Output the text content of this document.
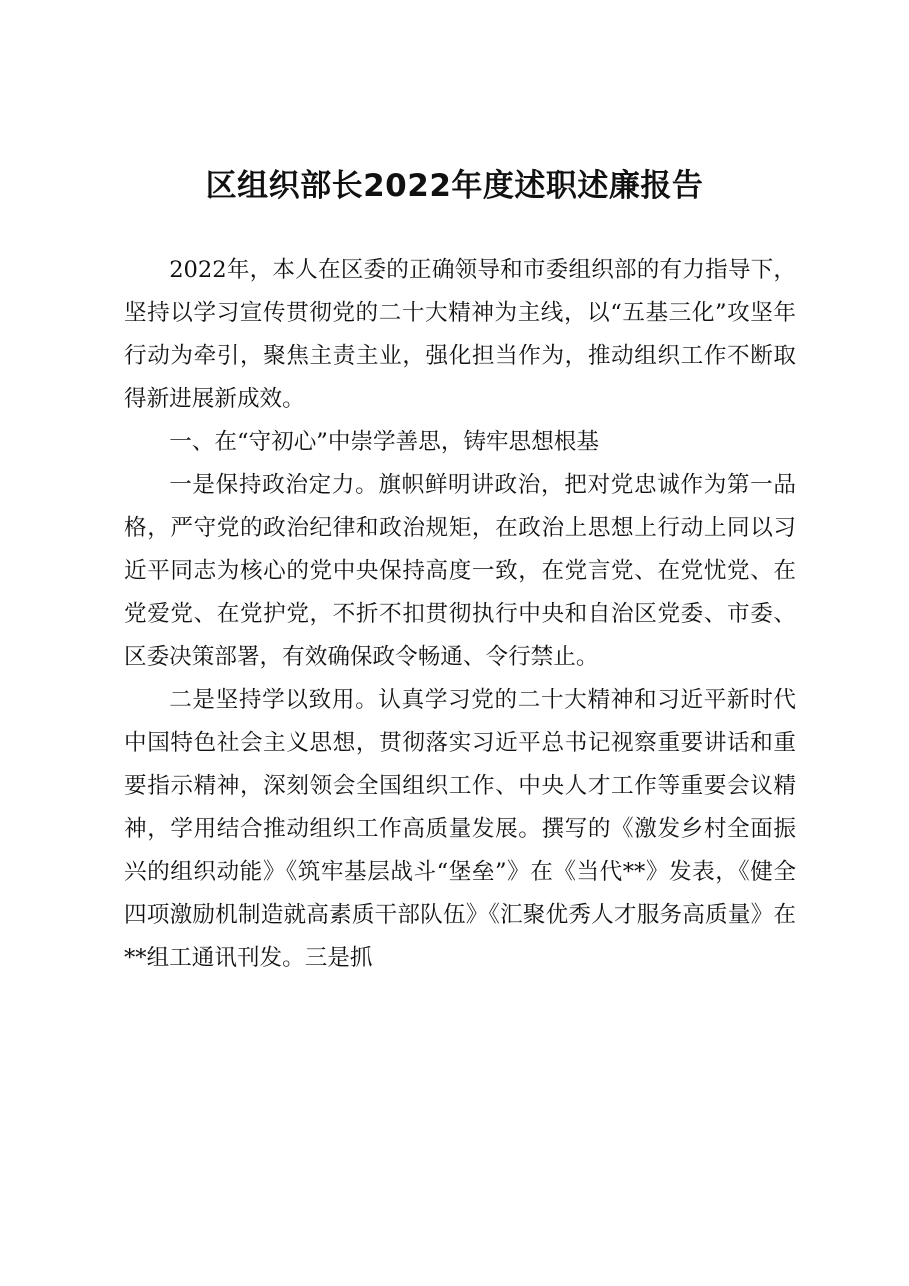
区组织部长2022年度述职述廉报告

2022年，本人在区委的正确领导和市委组织部的有力指导下，坚持以学习宣传贯彻党的二十大精神为主线，以“五基三化”攻坚年行动为牵引，聚焦主责主业，强化担当作为，推动组织工作不断取得新进展新成效。

一、在“守初心”中崇学善思，铸牢思想根基

一是保持政治定力。旗帜鲜明讲政治，把对党忠诚作为第一品格，严守党的政治纪律和政治规矩，在政治上思想上行动上同以习近平同志为核心的党中央保持高度一致，在党言党、在党忧党、在党爱党、在党护党，不折不扣贯彻执行中央和自治区党委、市委、区委决策部署，有效确保政令畅通、令行禁止。

二是坚持学以致用。认真学习党的二十大精神和习近平新时代中国特色社会主义思想，贯彻落实习近平总书记视察重要讲话和重要指示精神，深刻领会全国组织工作、中央人才工作等重要会议精神，学用结合推动组织工作高质量发展。撰写的《激发乡村全面振兴的组织动能》《筑牢基层战斗“堡垒”》在《当代**》发表，《健全四项激励机制造就高素质干部队伍》《汇聚优秀人才服务高质量》在**组工通讯刊发。三是抓
